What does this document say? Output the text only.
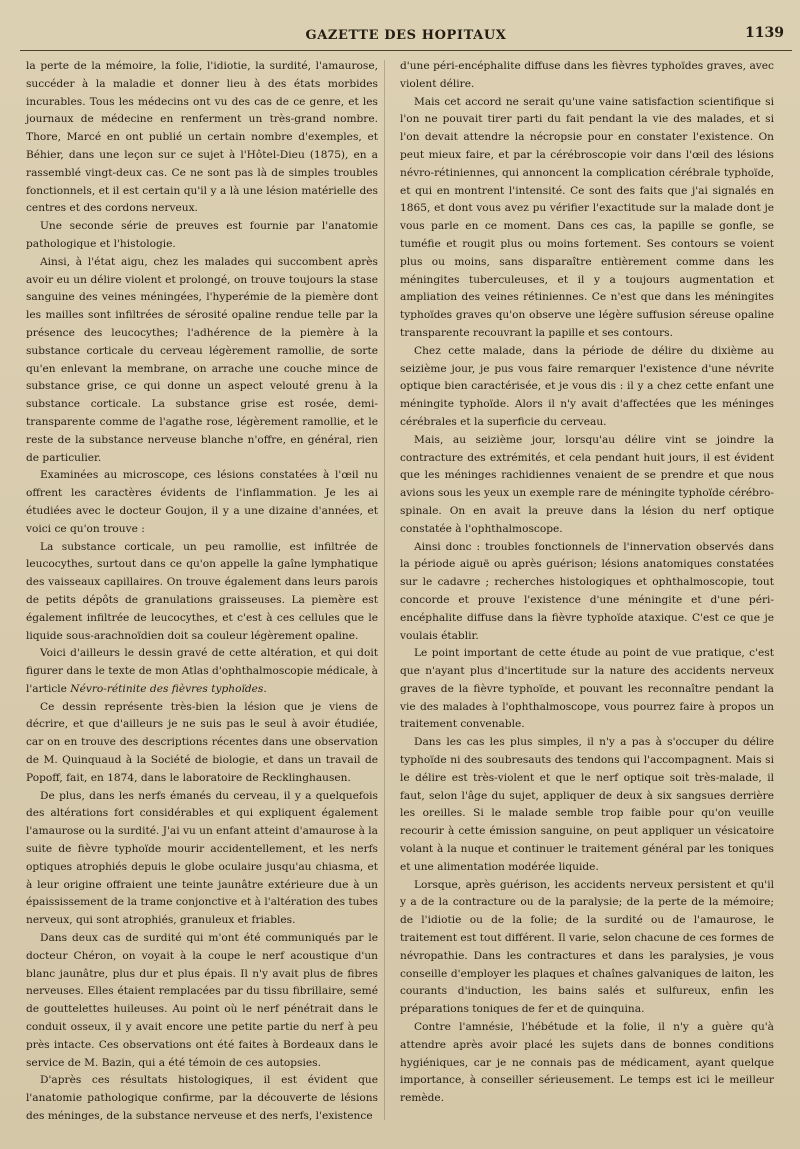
GAZETTE DES HOPITAUX	1139

la perte de la mémoire, la folie, l'idiotie, la surdité, l'amaurose, succéder à la maladie et donner lieu à des états morbides incurables. Tous les médecins ont vu des cas de ce genre, et les journaux de médecine en renferment un très-grand nombre. Thore, Marcé en ont publié un certain nombre d'exemples, et Béhier, dans une leçon sur ce sujet à l'Hôtel-Dieu (1875), en a rassemblé vingt-deux cas. Ce ne sont pas là de simples troubles fonctionnels, et il est certain qu'il y a là une lésion matérielle des centres et des cordons nerveux.

Une seconde série de preuves est fournie par l'anatomie pathologique et l'histologie.

Ainsi, à l'état aigu, chez les malades qui succombent après avoir eu un délire violent et prolongé, on trouve toujours la stase sanguine des veines méningées, l'hyperémie de la piemère dont les mailles sont infiltrées de sérosité opaline rendue telle par la présence des leucocythes; l'adhérence de la piemère à la substance corticale du cerveau légèrement ramollie, de sorte qu'en enlevant la membrane, on arrache une couche mince de substance grise, ce qui donne un aspect velouté grenu à la substance corticale. La substance grise est rosée, demi-transparente comme de l'agathe rose, légèrement ramollie, et le reste de la substance nerveuse blanche n'offre, en général, rien de particulier.

Examinées au microscope, ces lésions constatées à l'œil nu offrent les caractères évidents de l'inflammation. Je les ai étudiées avec le docteur Goujon, il y a une dizaine d'années, et voici ce qu'on trouve :

La substance corticale, un peu ramollie, est infiltrée de leucocythes, surtout dans ce qu'on appelle la gaîne lymphatique des vaisseaux capillaires. On trouve également dans leurs parois de petits dépôts de granulations graisseuses. La piemère est également infiltrée de leucocythes, et c'est à ces cellules que le liquide sous-arachnoïdien doit sa couleur légèrement opaline.

Voici d'ailleurs le dessin gravé de cette altération, et qui doit figurer dans le texte de mon Atlas d'ophthalmoscopie médicale, à l'article Névro-rétinite des fièvres typhoïdes.

Ce dessin représente très-bien la lésion que je viens de décrire, et que d'ailleurs je ne suis pas le seul à avoir étudiée, car on en trouve des descriptions récentes dans une observation de M. Quinquaud à la Société de biologie, et dans un travail de Popoff, fait, en 1874, dans le laboratoire de Recklinghausen.

De plus, dans les nerfs émanés du cerveau, il y a quelquefois des altérations fort considérables et qui expliquent également l'amaurose ou la surdité. J'ai vu un enfant atteint d'amaurose à la suite de fièvre typhoïde mourir accidentellement, et les nerfs optiques atrophiés depuis le globe oculaire jusqu'au chiasma, et à leur origine offraient une teinte jaunâtre extérieure due à un épaississement de la trame conjonctive et à l'altération des tubes nerveux, qui sont atrophiés, granuleux et friables.

Dans deux cas de surdité qui m'ont été communiqués par le docteur Chéron, on voyait à la coupe le nerf acoustique d'un blanc jaunâtre, plus dur et plus épais. Il n'y avait plus de fibres nerveuses. Elles étaient remplacées par du tissu fibrillaire, semé de gouttelettes huileuses. Au point où le nerf pénétrait dans le conduit osseux, il y avait encore une petite partie du nerf à peu près intacte. Ces observations ont été faites à Bordeaux dans le service de M. Bazin, qui a été témoin de ces autopsies.

D'après ces résultats histologiques, il est évident que l'anatomie pathologique confirme, par la découverte de lésions des méninges, de la substance nerveuse et des nerfs, l'existence

d'une péri-encéphalite diffuse dans les fièvres typhoïdes graves, avec violent délire.

Mais cet accord ne serait qu'une vaine satisfaction scientifique si l'on ne pouvait tirer parti du fait pendant la vie des malades, et si l'on devait attendre la nécropsie pour en constater l'existence. On peut mieux faire, et par la cérébroscopie voir dans l'œil des lésions névro-rétiniennes, qui annoncent la complication cérébrale typhoïde, et qui en montrent l'intensité. Ce sont des faits que j'ai signalés en 1865, et dont vous avez pu vérifier l'exactitude sur la malade dont je vous parle en ce moment. Dans ces cas, la papille se gonfle, se tuméfie et rougit plus ou moins fortement. Ses contours se voient plus ou moins, sans disparaître entièrement comme dans les méningites tuberculeuses, et il y a toujours augmentation et ampliation des veines rétiniennes. Ce n'est que dans les méningites typhoïdes graves qu'on observe une légère suffusion séreuse opaline transparente recouvrant la papille et ses contours.

Chez cette malade, dans la période de délire du dixième au seizième jour, je pus vous faire remarquer l'existence d'une névrite optique bien caractérisée, et je vous dis : il y a chez cette enfant une méningite typhoïde. Alors il n'y avait d'affectées que les méninges cérébrales et la superficie du cerveau.

Mais, au seizième jour, lorsqu'au délire vint se joindre la contracture des extrémités, et cela pendant huit jours, il est évident que les méninges rachidiennes venaient de se prendre et que nous avions sous les yeux un exemple rare de méningite typhoïde cérébro-spinale. On en avait la preuve dans la lésion du nerf optique constatée à l'ophthalmoscope.

Ainsi donc : troubles fonctionnels de l'innervation observés dans la période aiguë ou après guérison; lésions anatomiques constatées sur le cadavre ; recherches histologiques et ophthalmoscopie, tout concorde et prouve l'existence d'une méningite et d'une péri-encéphalite diffuse dans la fièvre typhoïde ataxique. C'est ce que je voulais établir.

Le point important de cette étude au point de vue pratique, c'est que n'ayant plus d'incertitude sur la nature des accidents nerveux graves de la fièvre typhoïde, et pouvant les reconnaître pendant la vie des malades à l'ophthalmoscope, vous pourrez faire à propos un traitement convenable.

Dans les cas les plus simples, il n'y a pas à s'occuper du délire typhoïde ni des soubresauts des tendons qui l'accompagnent. Mais si le délire est très-violent et que le nerf optique soit très-malade, il faut, selon l'âge du sujet, appliquer de deux à six sangsues derrière les oreilles. Si le malade semble trop faible pour qu'on veuille recourir à cette émission sanguine, on peut appliquer un vésicatoire volant à la nuque et continuer le traitement général par les toniques et une alimentation modérée liquide.

Lorsque, après guérison, les accidents nerveux persistent et qu'il y a de la contracture ou de la paralysie; de la perte de la mémoire; de l'idiotie ou de la folie; de la surdité ou de l'amaurose, le traitement est tout différent. Il varie, selon chacune de ces formes de névropathie. Dans les contractures et dans les paralysies, je vous conseille d'employer les plaques et chaînes galvaniques de laiton, les courants d'induction, les bains salés et sulfureux, enfin les préparations toniques de fer et de quinquina.

Contre l'amnésie, l'hébétude et la folie, il n'y a guère qu'à attendre après avoir placé les sujets dans de bonnes conditions hygiéniques, car je ne connais pas de médicament, ayant quelque importance, à conseiller sérieusement. Le temps est ici le meilleur remède.
